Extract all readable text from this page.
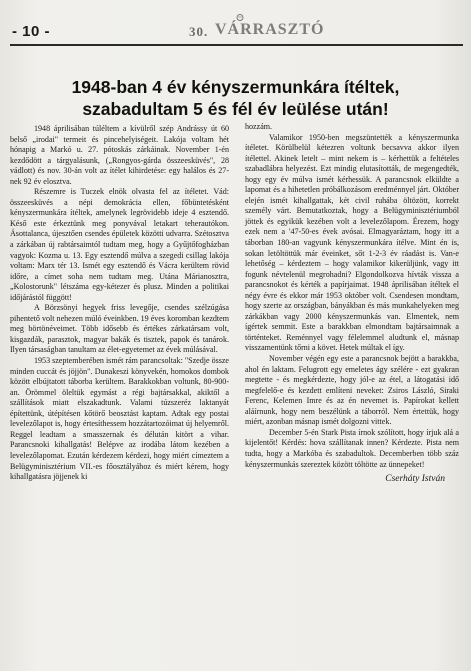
- 10 -	30. VÁRRASZTÓ
1948-ban 4 év kényszermunkára ítéltek,
szabadultam 5 és fél év leülése után!

1948 áprilisában túléltem a kívülről szép Andrássy út 60 belső „irodai" termeit és pincehelyiségeit. Lakója voltam hét hónapig a Markó u. 27. pótoskás zárkáinak. November 1-én kezdődött a tárgyalásunk, („Rongyos-gárda összeesküvés", 28 vádlott) és nov. 30-án volt az ítélet kihirdetése: egy halálos és 27-nek 92 év elosztva.

Részemre is Tuczek elnök olvasta fel az ítéletet. Vád: összeesküvés a népi demokrácia ellen, főbüntetésként kényszermunkára ítéltek, amelynek legrövidebb ideje 4 esztendő. Késő este érkeztünk meg ponyvával letakart teherautókon. Ásottalanca, újesztően csendes épületek közötti udvarra. Szétosztva a zárkában új rabtársaimtól tudtam meg, hogy a Gyűjtőfogházban vagyok: Kozma u. 13. Egy esztendő múlva a szegedi csillag lakója voltam: Marx tér 13. Ismét egy esztendő és Vácra kerültem rövid időre, a címet soha nem tudtam meg. Utána Márianosztra, „Kolostorunk" létszáma egy-kétezer és plusz. Minden a politikai időjárástól függött!

A Börzsönyi hegyek friss levegője, csendes szélzúgása pihentető volt nehezen múló éveinkben. 19 éves koromban kezdtem meg börtönéveimet. Több idősebb és értékes zárkatársam volt, kisgazdák, parasztok, magyar bakák és tisztek, papok és tanárok. Ilyen társaságban tanultam az élet-egyetemet az évek múlásával.

1953 szeptemberében ismét rám parancsoltak: "Szedje össze minden cuccát és jöjjön". Dunakeszi könyvekén, homokos dombok között elbújtatott táborba kerültem. Barakkokban voltunk, 80-900-an. Örömmel öleltük egymást a régi bajtársakkal, akiktől a szállítások miatt elszakadtunk. Valami túzszeréz laktanyát építettünk, útépítésen kőtörő beosztást kaptam. Adtak egy postai levelezőlapot is, hogy értesíthessem hozzátartozóimat új helyemről. Reggel leadtam a smasszernak és délután kitört a vihar. Parancsnoki kihallgatás! Belépve az irodába látom kezében a levelezőlapomat. Ezután kérdezem kérdezi, hogy miért címeztem a Belügyminisztérium VII.-es főosztályához és miért kérem, hogy kihallgatásra jöjjenek ki

hozzám.

Valamikor 1950-ben megszüntették a kényszermunka ítéletet. Körülbelül kétezren voltunk becsavva akkor ilyen ítélettel. Akinek letelt – mint nekem is – kérhettük a feltételes szabadlábra helyezést. Ezt mindig elutasították, de megengedték, hogy egy év múlva ismét kérhessük. A parancsnok elküldte a lapomat és a hihetetlen próbálkozásom eredménnyel járt. Október elején ismét kihallgattak, két civil ruhába öltözött, korrekt személy várt. Bemutatkoztak, hogy a Belügyminisztériumból jöttek és egyikük kezében volt a levelezőlapom. Érezem, hogy ezek nem a '47-50-es évek avósai. Elmagyaráztam, hogy itt a táborban 180-an vagyunk kényszermunkára ítélve. Mint én is, sokan letöltöttük már éveinket, sőt 1-2-3 év ráadást is. Van-e lehetőség – kérdeztem – hogy valamikor kikerüljünk, vagy itt fogunk névtelenül megrohadni? Elgondolkozva hívták vissza a parancsnokot és kérték a papírjaimat. 1948 áprilisában ítéltek el négy évre és ekkor már 1953 október volt. Csendesen mondtam, hogy szerte az országban, bányákban és más munkahelyeken meg zárkákban vagy 2000 kényszermunkás van. Elmentek, nem ígértek semmit. Este a barakkban elmondtam bajtársaimnak a történteket. Reménnyel vagy félelemmel aludtunk el, másnap visszamentünk tőrni a követ. Hetek múltak el így.

November végén egy este a parancsnok bejött a barakkba, ahol én laktam. Felugrott egy emeletes ágy szélére - ezt gyakran megtette - és megkérdezte, hogy jól-e az étel, a látogatási idő megfelelő-e és kezdett említeni neveket: Zsiros László, Siraki Ferenc, Kelemen Imre és az én nevemet is. Papírokat kellett aláírnunk, hogy nem beszélünk a táborról. Nem értettük, hogy miért, azonban másnap ismét dolgozni vittek.

December 5-én Stark Pista írnok szólított, hogy írjuk alá a kijelentőt! Kérdés: hova szállítanak innen? Kérdezte. Pista nem tudta, hogy a Markóba és szabadultok. Decemberben több száz kényszermunkás szereztek között töltötte az ünnepeket!

Cserháty István
